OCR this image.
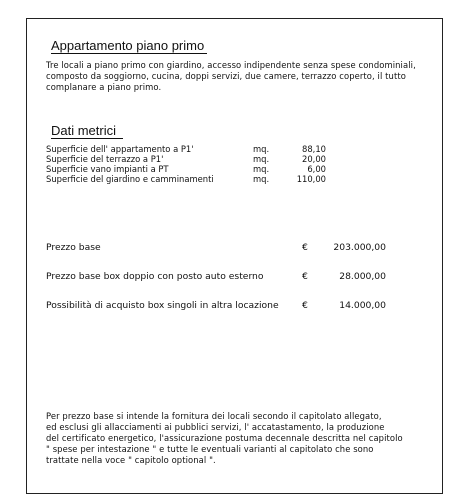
Appartamento piano primo
Tre locali a piano primo con giardino, accesso indipendente senza spese condominiali,
composto da soggiorno, cucina, doppi servizi, due camere, terrazzo coperto, il tutto
complanare a piano primo.
Dati metrici
Superficie dell' appartamento a P1'	mq.	88,10
Superficie del terrazzo a P1'	mq.	20,00
Superficie vano impianti a PT	mq.	6,00
Superficie del giardino e camminamenti	mq.	110,00
Prezzo base	€	203.000,00
Prezzo base box doppio con posto auto esterno	€	28.000,00
Possibilità di acquisto box singoli in altra locazione	€	14.000,00
Per prezzo base si intende la fornitura dei locali secondo il capitolato allegato,
ed esclusi gli allacciamenti ai pubblici servizi, l' accatastamento, la produzione
del certificato energetico, l'assicurazione postuma decennale descritta nel capitolo
" spese per intestazione " e tutte le eventuali varianti al capitolato che sono
trattate nella voce " capitolo optional ".
